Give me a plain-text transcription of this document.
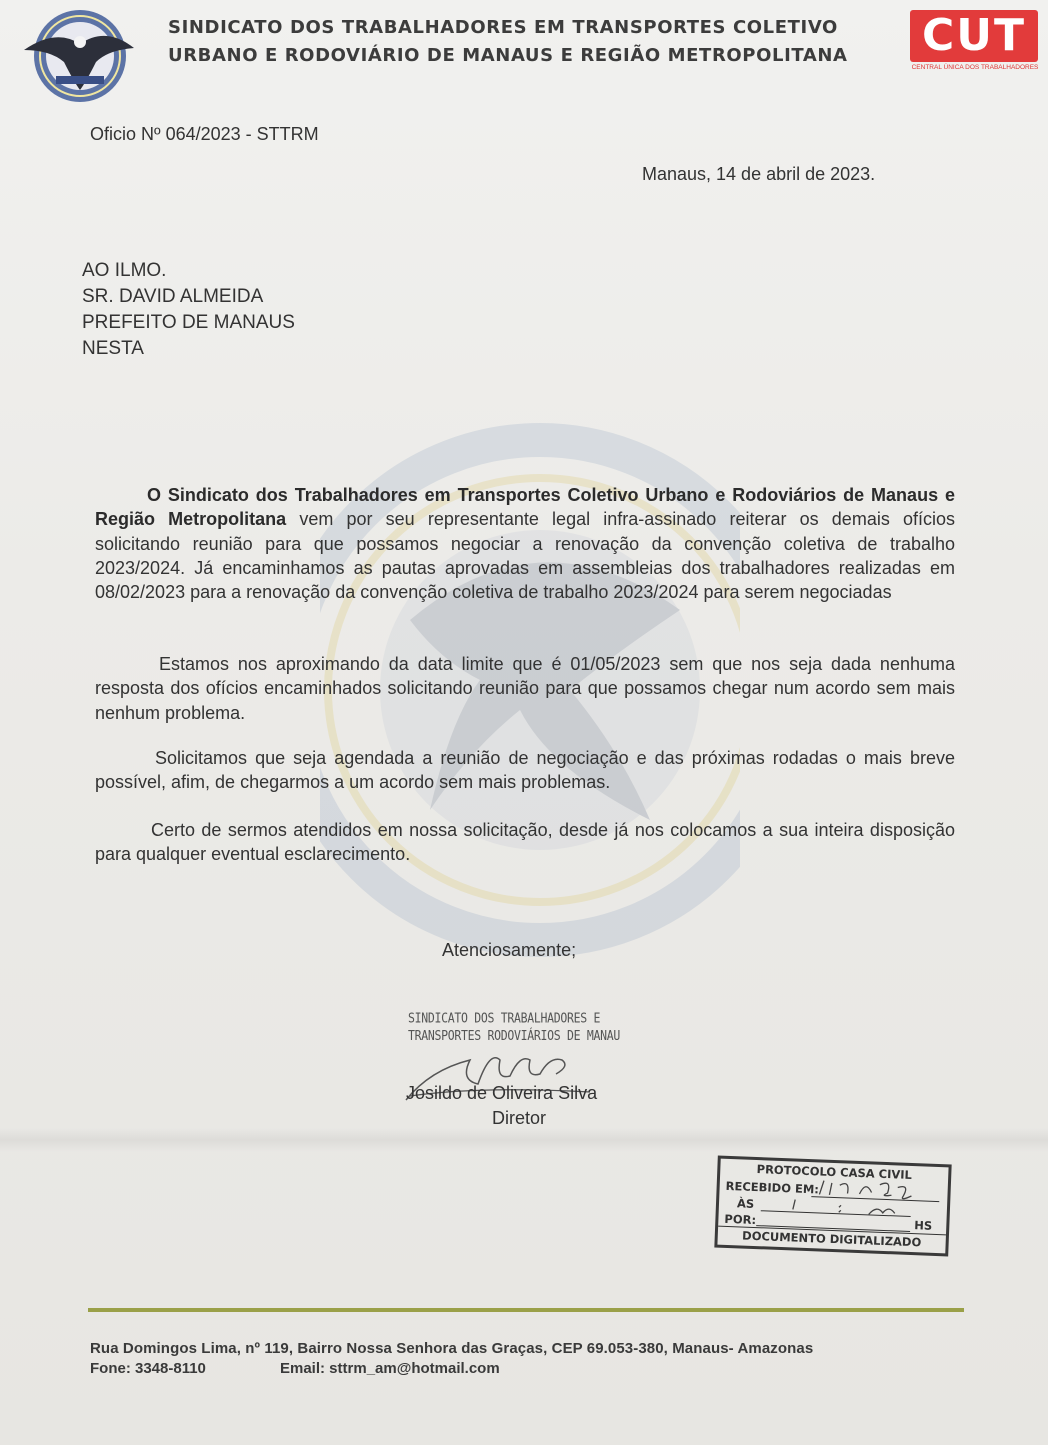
SINDICATO DOS TRABALHADORES EM TRANSPORTES COLETIVO
URBANO E RODOVIÁRIO DE MANAUS E REGIÃO METROPOLITANA	CUT
CENTRAL ÚNICA DOS TRABALHADORES
Oficio Nº 064/2023 - STTRM
Manaus, 14 de abril de 2023.
AO ILMO.
SR. DAVID ALMEIDA
PREFEITO DE MANAUS
NESTA
O Sindicato dos Trabalhadores em Transportes Coletivo Urbano e Rodoviários de Manaus e Região Metropolitana vem por seu representante legal infra-assinado reiterar os demais ofícios solicitando reunião para que possamos negociar a renovação da convenção coletiva de trabalho 2023/2024. Já encaminhamos as pautas aprovadas em assembleias dos trabalhadores realizadas em 08/02/2023 para a renovação da convenção coletiva de trabalho 2023/2024 para serem negociadas
Estamos nos aproximando da data limite que é 01/05/2023 sem que nos seja dada nenhuma resposta dos ofícios encaminhados solicitando reunião para que possamos chegar num acordo sem mais nenhum problema.
Solicitamos que seja agendada a reunião de negociação e das próximas rodadas o mais breve possível, afim, de chegarmos a um acordo sem mais problemas.
Certo de sermos atendidos em nossa solicitação, desde já nos colocamos a sua inteira disposição para qualquer eventual esclarecimento.
Atenciosamente;
SINDICATO DOS TRABALHADORES E
TRANSPORTES RODOVIÁRIOS DE MANAU
Josildo de Oliveira Silva
Diretor
PROTOCOLO CASA CIVIL
RECEBIDO EM:
ÀS
POR:	HS
DOCUMENTO DIGITALIZADO
Rua Domingos Lima, nº 119, Bairro Nossa Senhora das Graças, CEP 69.053-380, Manaus- Amazonas
Fone: 3348-8110	Email: sttrm_am@hotmail.com
